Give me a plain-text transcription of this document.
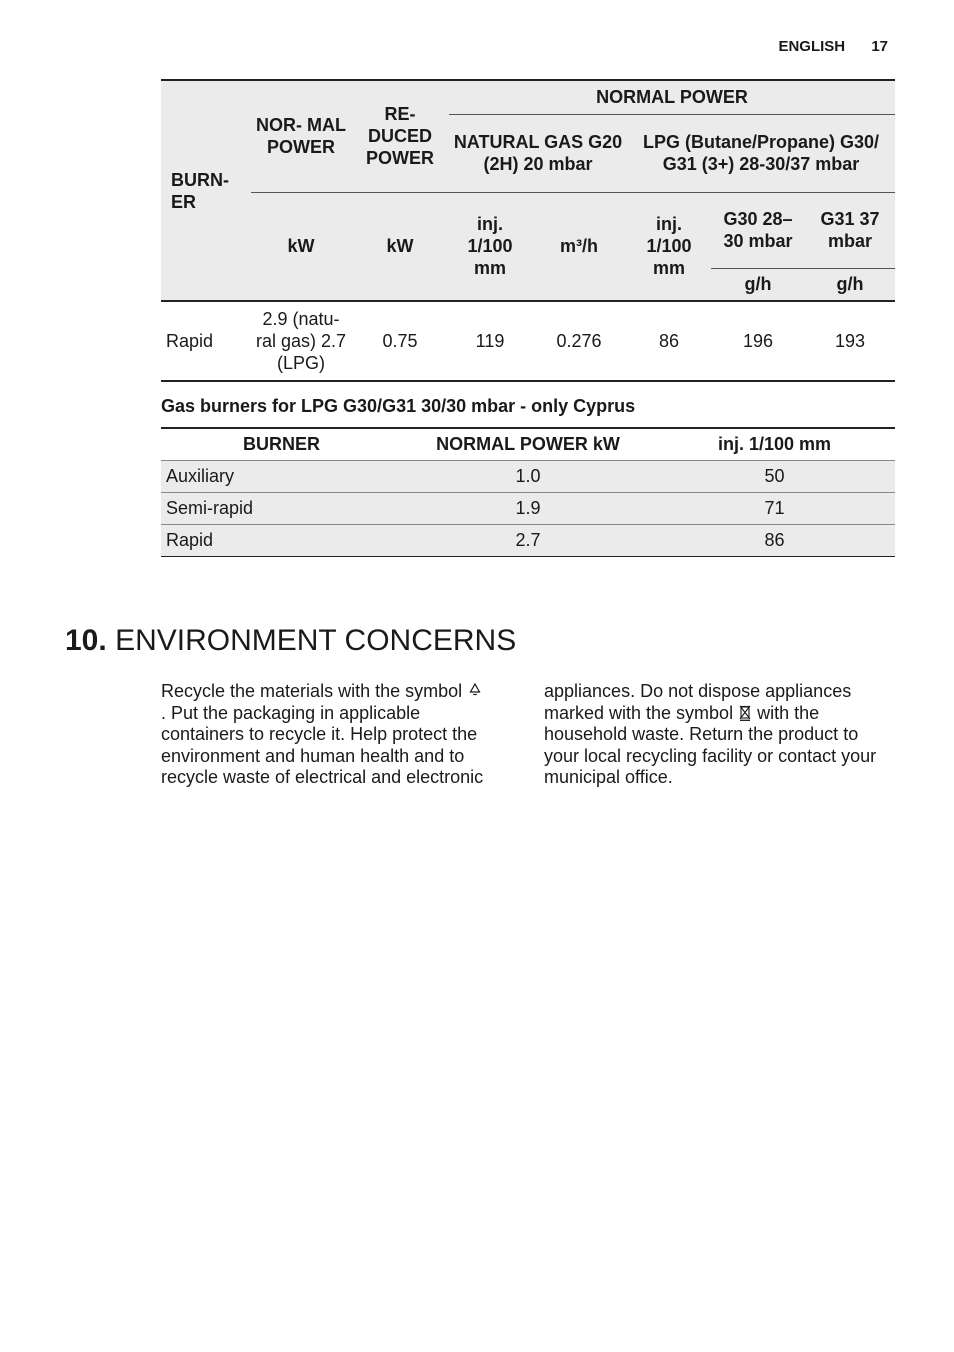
ENGLISH 17
BURN- ER	NOR- MAL POWER	RE- DUCED POWER	NORMAL POWER				
			NATURAL GAS G20 (2H) 20 mbar		LPG (Butane/Propane) G30/ G31 (3+) 28-30/37 mbar		
	kW	kW	inj. 1/100 mm	m³/h	inj. 1/100 mm	G30 28–30 mbar	G31 37 mbar
						g/h	g/h
Rapid	2.9 (natu- ral gas) 2.7 (LPG)	0.75	119	0.276	86	196	193
Gas burners for LPG G30/G31 30/30 mbar - only Cyprus
BURNER	NORMAL POWER kW	inj. 1/100 mm
Auxiliary	1.0	50
Semi-rapid	1.9	71
Rapid	2.7	86
10. ENVIRONMENT CONCERNS
Recycle the materials with the symbol  . Put the packaging in applicable containers to recycle it. Help protect the environment and human health and to recycle waste of electrical and electronic
appliances. Do not dispose appliances marked with the symbol with the household waste. Return the product to your local recycling facility or contact your municipal office.
